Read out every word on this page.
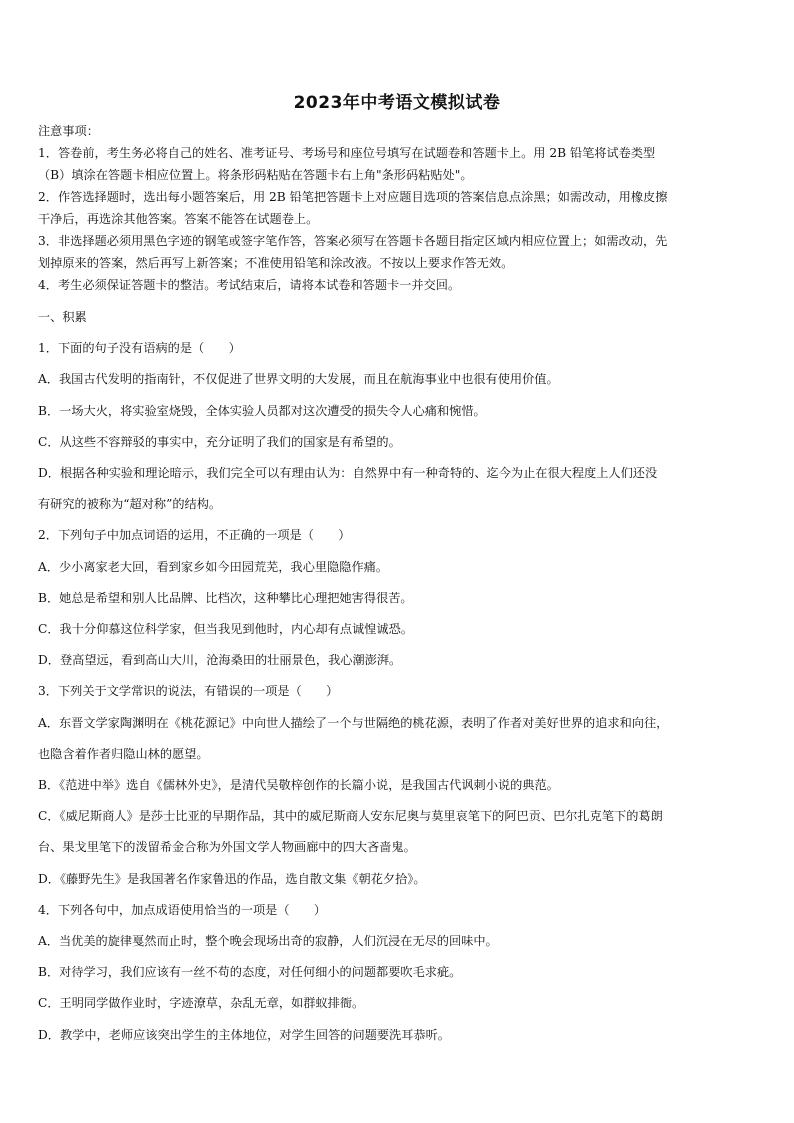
2023年中考语文模拟试卷

注意事项：

1．答卷前，考生务必将自己的姓名、准考证号、考场号和座位号填写在试题卷和答题卡上。用 2B 铅笔将试卷类型

（B）填涂在答题卡相应位置上。将条形码粘贴在答题卡右上角"条形码粘贴处"。

2．作答选择题时，选出每小题答案后，用 2B 铅笔把答题卡上对应题目选项的答案信息点涂黑；如需改动，用橡皮擦

干净后，再选涂其他答案。答案不能答在试题卷上。

3．非选择题必须用黑色字迹的钢笔或签字笔作答，答案必须写在答题卡各题目指定区域内相应位置上；如需改动，先

划掉原来的答案，然后再写上新答案；不准使用铅笔和涂改液。不按以上要求作答无效。

4．考生必须保证答题卡的整洁。考试结束后，请将本试卷和答题卡一并交回。

一、积累

1．下面的句子没有语病的是（　　）

A．我国古代发明的指南针，不仅促进了世界文明的大发展，而且在航海事业中也很有使用价值。

B．一场大火，将实验室烧毁，全体实验人员都对这次遭受的损失令人心痛和惋惜。

C．从这些不容辩驳的事实中，充分证明了我们的国家是有希望的。

D．根据各种实验和理论暗示，我们完全可以有理由认为：自然界中有一种奇特的、迄今为止在很大程度上人们还没

有研究的被称为“超对称”的结构。

2．下列句子中加点词语的运用，不正确的一项是（　　）

A．少小离家老大回，看到家乡如今田园荒芜，我心里隐隐作痛。

B．她总是希望和别人比品牌、比档次，这种攀比心理把她害得很苦。

C．我十分仰慕这位科学家，但当我见到他时，内心却有点诚惶诚恐。

D．登高望远，看到高山大川，沧海桑田的壮丽景色，我心潮澎湃。

3．下列关于文学常识的说法，有错误的一项是（　　）

A．东晋文学家陶渊明在《桃花源记》中向世人描绘了一个与世隔绝的桃花源，表明了作者对美好世界的追求和向往，

也隐含着作者归隐山林的愿望。

B．《范进中举》选自《儒林外史》，是清代吴敬梓创作的长篇小说，是我国古代讽刺小说的典范。

C．《威尼斯商人》是莎士比亚的早期作品，其中的威尼斯商人安东尼奥与莫里哀笔下的阿巴贡、巴尔扎克笔下的葛朗

台、果戈里笔下的泼留希金合称为外国文学人物画廊中的四大吝啬鬼。

D．《藤野先生》是我国著名作家鲁迅的作品，选自散文集《朝花夕拾》。

4．下列各句中，加点成语使用恰当的一项是（　　）

A．当优美的旋律戛然而止时，整个晚会现场出奇的寂静，人们沉浸在无尽的回味中。

B．对待学习，我们应该有一丝不苟的态度，对任何细小的问题都要吹毛求疵。

C．王明同学做作业时，字迹潦草，杂乱无章，如群蚁排衙。

D．教学中，老师应该突出学生的主体地位，对学生回答的问题要洗耳恭听。
